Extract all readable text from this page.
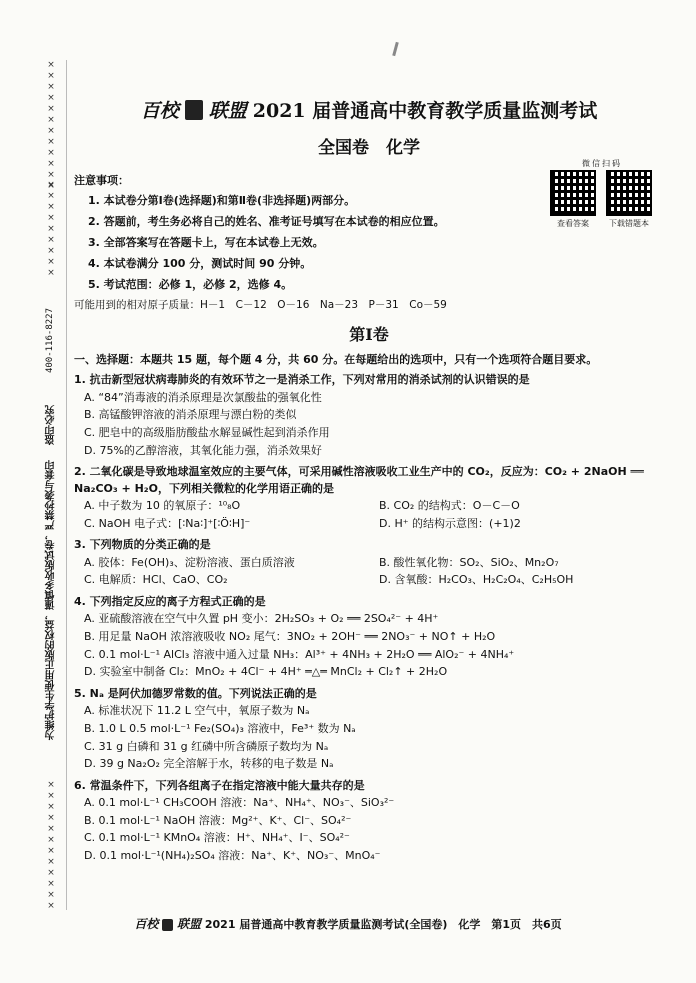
××××××××××××
×××××××××
400-116-8227
盗印必究
为维护学生使用正版的权益，谨慎多收版试卷，严禁抄袭与套印
××××××××××××
百校 联盟 2021 届普通高中教育教学质量监测考试
全国卷　化学
微信扫码
查看答案	下载错题本
注意事项：
1. 本试卷分第Ⅰ卷(选择题)和第Ⅱ卷(非选择题)两部分。
2. 答题前，考生务必将自己的姓名、准考证号填写在本试卷的相应位置。
3. 全部答案写在答题卡上，写在本试卷上无效。
4. 本试卷满分 100 分，测试时间 90 分钟。
5. 考试范围：必修 1，必修 2，选修 4。
可能用到的相对原子质量：H－1　C－12　O－16　Na－23　P－31　Co－59
第Ⅰ卷
一、选择题：本题共 15 题，每个题 4 分，共 60 分。在每题给出的选项中，只有一个选项符合题目要求。
1. 抗击新型冠状病毒肺炎的有效环节之一是消杀工作，下列对常用的消杀试剂的认识错误的是
A. “84”消毒液的消杀原理是次氯酸盐的强氧化性
B. 高锰酸钾溶液的消杀原理与漂白粉的类似
C. 肥皂中的高级脂肪酸盐水解显碱性起到消杀作用
D. 75%的乙醇溶液，其氧化能力强，消杀效果好
2. 二氧化碳是导致地球温室效应的主要气体，可采用碱性溶液吸收工业生产中的 CO₂，反应为：CO₂ + 2NaOH ══ Na₂CO₃ + H₂O，下列相关微粒的化学用语正确的是
A. 中子数为 10 的氧原子：¹⁰₈O	B. CO₂ 的结构式：O－C－O
C. NaOH 电子式：[∶Na∶]⁺[∶Ö∶H]⁻	D. H⁺ 的结构示意图：(+1)2
3. 下列物质的分类正确的是
A. 胶体：Fe(OH)₃、淀粉溶液、蛋白质溶液	B. 酸性氧化物：SO₂、SiO₂、Mn₂O₇
C. 电解质：HCl、CaO、CO₂	D. 含氧酸：H₂CO₃、H₂C₂O₄、C₂H₅OH
4. 下列指定反应的离子方程式正确的是
A. 亚硫酸溶液在空气中久置 pH 变小：2H₂SO₃ + O₂ ══ 2SO₄²⁻ + 4H⁺
B. 用足量 NaOH 浓溶液吸收 NO₂ 尾气：3NO₂ + 2OH⁻ ══ 2NO₃⁻ + NO↑ + H₂O
C. 0.1 mol·L⁻¹ AlCl₃ 溶液中通入过量 NH₃：Al³⁺ + 4NH₃ + 2H₂O ══ AlO₂⁻ + 4NH₄⁺
D. 实验室中制备 Cl₂：MnO₂ + 4Cl⁻ + 4H⁺ ═△═ MnCl₂ + Cl₂↑ + 2H₂O
5. Nₐ 是阿伏加德罗常数的值。下列说法正确的是
A. 标准状况下 11.2 L 空气中，氧原子数为 Nₐ
B. 1.0 L 0.5 mol·L⁻¹ Fe₂(SO₄)₃ 溶液中，Fe³⁺ 数为 Nₐ
C. 31 g 白磷和 31 g 红磷中所含磷原子数均为 Nₐ
D. 39 g Na₂O₂ 完全溶解于水，转移的电子数是 Nₐ
6. 常温条件下，下列各组离子在指定溶液中能大量共存的是
A. 0.1 mol·L⁻¹ CH₃COOH 溶液：Na⁺、NH₄⁺、NO₃⁻、SiO₃²⁻
B. 0.1 mol·L⁻¹ NaOH 溶液：Mg²⁺、K⁺、Cl⁻、SO₄²⁻
C. 0.1 mol·L⁻¹ KMnO₄ 溶液：H⁺、NH₄⁺、I⁻、SO₄²⁻
D. 0.1 mol·L⁻¹(NH₄)₂SO₄ 溶液：Na⁺、K⁺、NO₃⁻、MnO₄⁻
百校 联盟 2021 届普通高中教育教学质量监测考试(全国卷)　化学　第1页　共6页
